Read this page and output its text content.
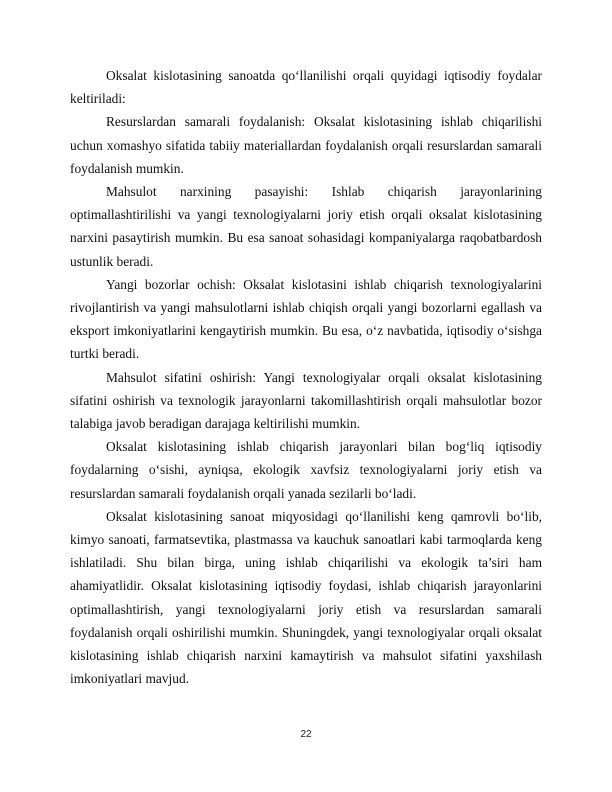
Oksalat kislotasining sanoatda qo‘llanilishi orqali quyidagi iqtisodiy foydalar keltiriladi:

Resurslardan samarali foydalanish: Oksalat kislotasining ishlab chiqarilishi uchun xomashyo sifatida tabiiy materiallardan foydalanish orqali resurslardan samarali foydalanish mumkin.

Mahsulot narxining pasayishi: Ishlab chiqarish jarayonlarining optimallashtirilishi va yangi texnologiyalarni joriy etish orqali oksalat kislotasining narxini pasaytirish mumkin. Bu esa sanoat sohasidagi kompaniyalarga raqobatbardosh ustunlik beradi.

Yangi bozorlar ochish: Oksalat kislotasini ishlab chiqarish texnologiyalarini rivojlantirish va yangi mahsulotlarni ishlab chiqish orqali yangi bozorlarni egallash va eksport imkoniyatlarini kengaytirish mumkin. Bu esa, o‘z navbatida, iqtisodiy o‘sishga turtki beradi.

Mahsulot sifatini oshirish: Yangi texnologiyalar orqali oksalat kislotasining sifatini oshirish va texnologik jarayonlarni takomillashtirish orqali mahsulotlar bozor talabiga javob beradigan darajaga keltirilishi mumkin.

Oksalat kislotasining ishlab chiqarish jarayonlari bilan bog‘liq iqtisodiy foydalarning o‘sishi, ayniqsa, ekologik xavfsiz texnologiyalarni joriy etish va resurslardan samarali foydalanish orqali yanada sezilarli bo‘ladi.

Oksalat kislotasining sanoat miqyosidagi qo‘llanilishi keng qamrovli bo‘lib, kimyo sanoati, farmatsevtika, plastmassa va kauchuk sanoatlari kabi tarmoqlarda keng ishlatiladi. Shu bilan birga, uning ishlab chiqarilishi va ekologik ta’siri ham ahamiyatlidir. Oksalat kislotasining iqtisodiy foydasi, ishlab chiqarish jarayonlarini optimallashtirish, yangi texnologiyalarni joriy etish va resurslardan samarali foydalanish orqali oshirilishi mumkin. Shuningdek, yangi texnologiyalar orqali oksalat kislotasining ishlab chiqarish narxini kamaytirish va mahsulot sifatini yaxshilash imkoniyatlari mavjud.

22
